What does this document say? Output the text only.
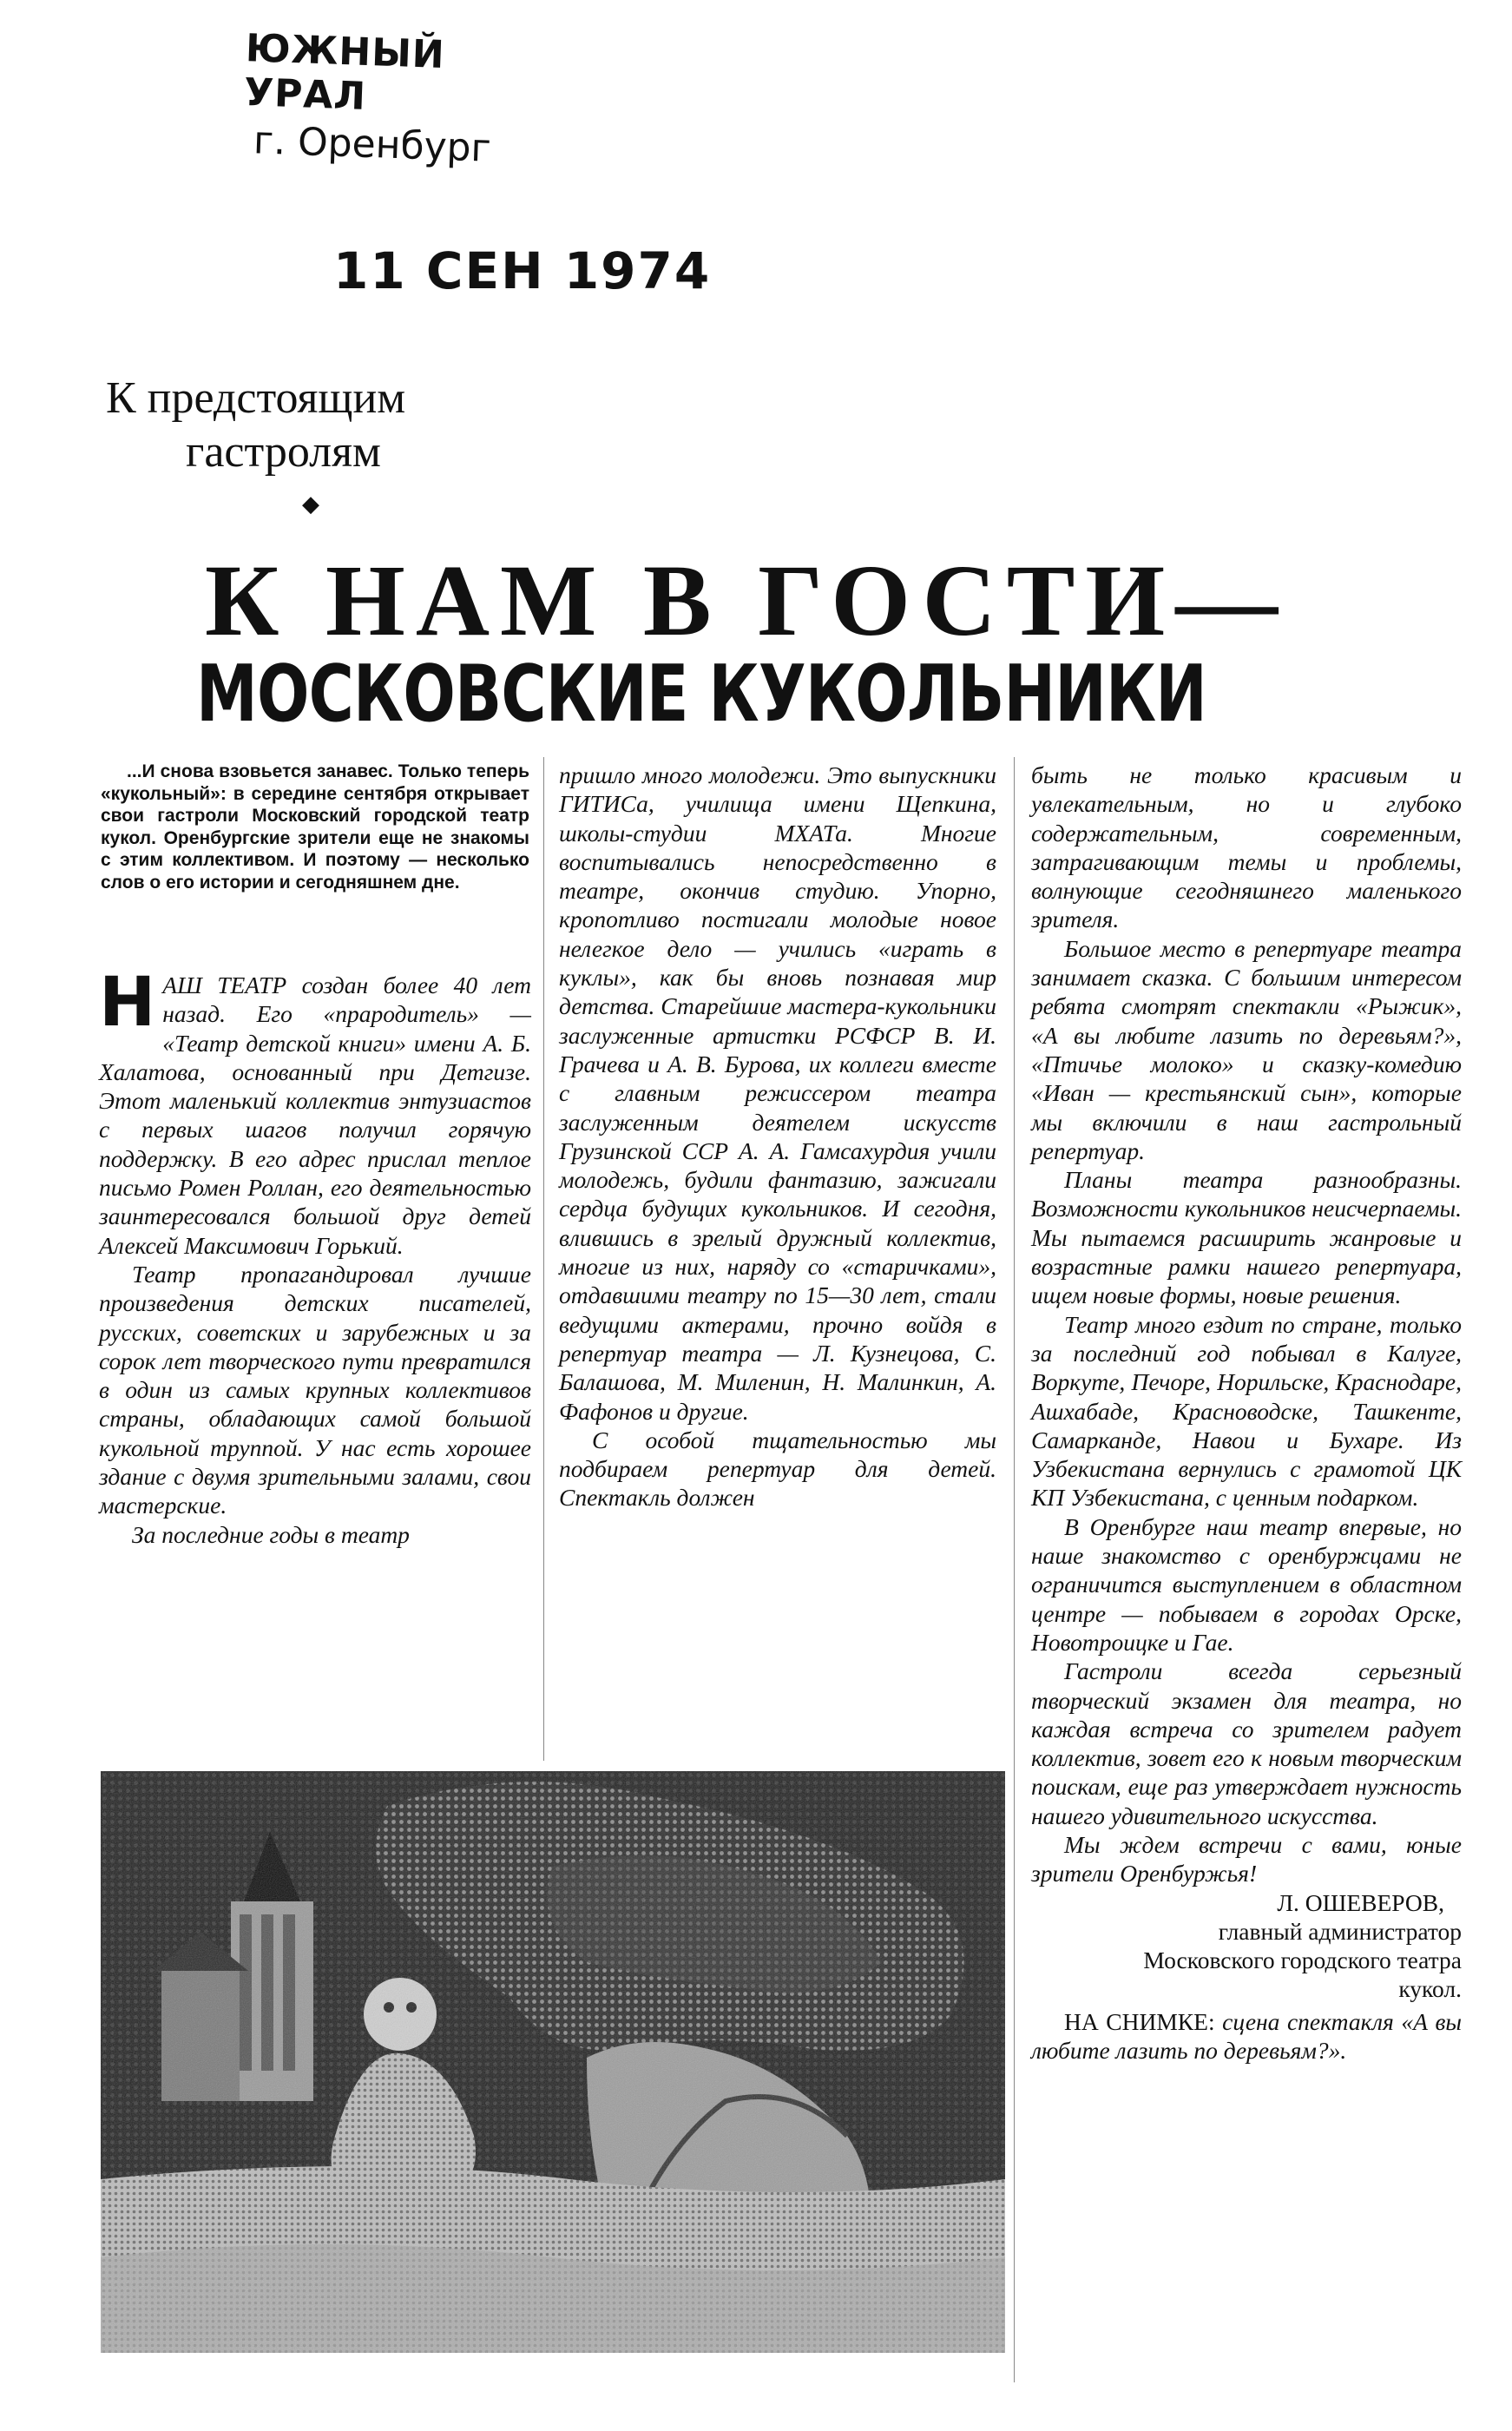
ЮЖНЫЙ УРАЛ
г. Оренбург
11 СЕН 1974
К предстоящим
гастролям
◆
К НАМ В ГОСТИ—
МОСКОВСКИЕ КУКОЛЬНИКИ
...И снова взовьется занавес. Только теперь «кукольный»: в середине сентября открывает свои гастроли Московский городской театр кукол. Оренбургские зрители еще не знакомы с этим коллективом. И поэтому — несколько слов о его истории и сегодняшнем дне.
Н АШ ТЕАТР создан более 40 лет назад. Его «прародитель» — «Театр детской книги» имени А. Б. Халатова, основанный при Детгизе. Этот маленький коллектив энтузиастов с первых шагов получил горячую поддержку. В его адрес прислал теплое письмо Ромен Роллан, его деятельностью заинтересовался большой друг детей Алексей Максимович Горький.

Театр пропагандировал лучшие произведения детских писателей, русских, советских и зарубежных и за сорок лет творческого пути превратился в один из самых крупных коллективов страны, обладающих самой большой кукольной труппой. У нас есть хорошее здание с двумя зрительными залами, свои мастерские.

За последние годы в театр

пришло много молодежи. Это выпускники ГИТИСа, училища имени Щепкина, школы-студии МХАТа. Многие воспитывались непосредственно в театре, окончив студию. Упорно, кропотливо постигали молодые новое нелегкое дело — учились «играть в куклы», как бы вновь познавая мир детства. Старейшие мастера-кукольники заслуженные артистки РСФСР В. И. Грачева и А. В. Бурова, их коллеги вместе с главным режиссером театра заслуженным деятелем искусств Грузинской ССР А. А. Гамсахурдия учили молодежь, будили фантазию, зажигали сердца будущих кукольников. И сегодня, влившись в зрелый дружный коллектив, многие из них, наряду со «старичками», отдавшими театру по 15—30 лет, стали ведущими актерами, прочно войдя в репертуар театра — Л. Кузнецова, С. Балашова, М. Миленин, Н. Малинкин, А. Фафонов и другие.

С особой тщательностью мы подбираем репертуар для детей. Спектакль должен

быть не только красивым и увлекательным, но и глубоко содержательным, современным, затрагивающим темы и проблемы, волнующие сегодняшнего маленького зрителя.

Большое место в репертуаре театра занимает сказка. С большим интересом ребята смотрят спектакли «Рыжик», «А вы любите лазить по деревьям?», «Птичье молоко» и сказку-комедию «Иван — крестьянский сын», которые мы включили в наш гастрольный репертуар.

Планы театра разнообразны. Возможности кукольников неисчерпаемы. Мы пытаемся расширить жанровые и возрастные рамки нашего репертуара, ищем новые формы, новые решения.

Театр много ездит по стране, только за последний год побывал в Калуге, Воркуте, Печоре, Норильске, Краснодаре, Ашхабаде, Красноводске, Ташкенте, Самарканде, Навои и Бухаре. Из Узбекистана вернулись с грамотой ЦК КП Узбекистана, с ценным подарком.

В Оренбурге наш театр впервые, но наше знакомство с оренбуржцами не ограничится выступлением в областном центре — побываем в городах Орске, Новотроицке и Гае.

Гастроли всегда серьезный творческий экзамен для театра, но каждая встреча со зрителем радует коллектив, зовет его к новым творческим поискам, еще раз утверждает нужность нашего удивительного искусства.

Мы ждем встречи с вами, юные зрители Оренбуржья!

Л. ОШЕВЕРОВ,
главный администратор Московского городского театра кукол.
НА СНИМКЕ: сцена спектакля «А вы любите лазить по деревьям?».
